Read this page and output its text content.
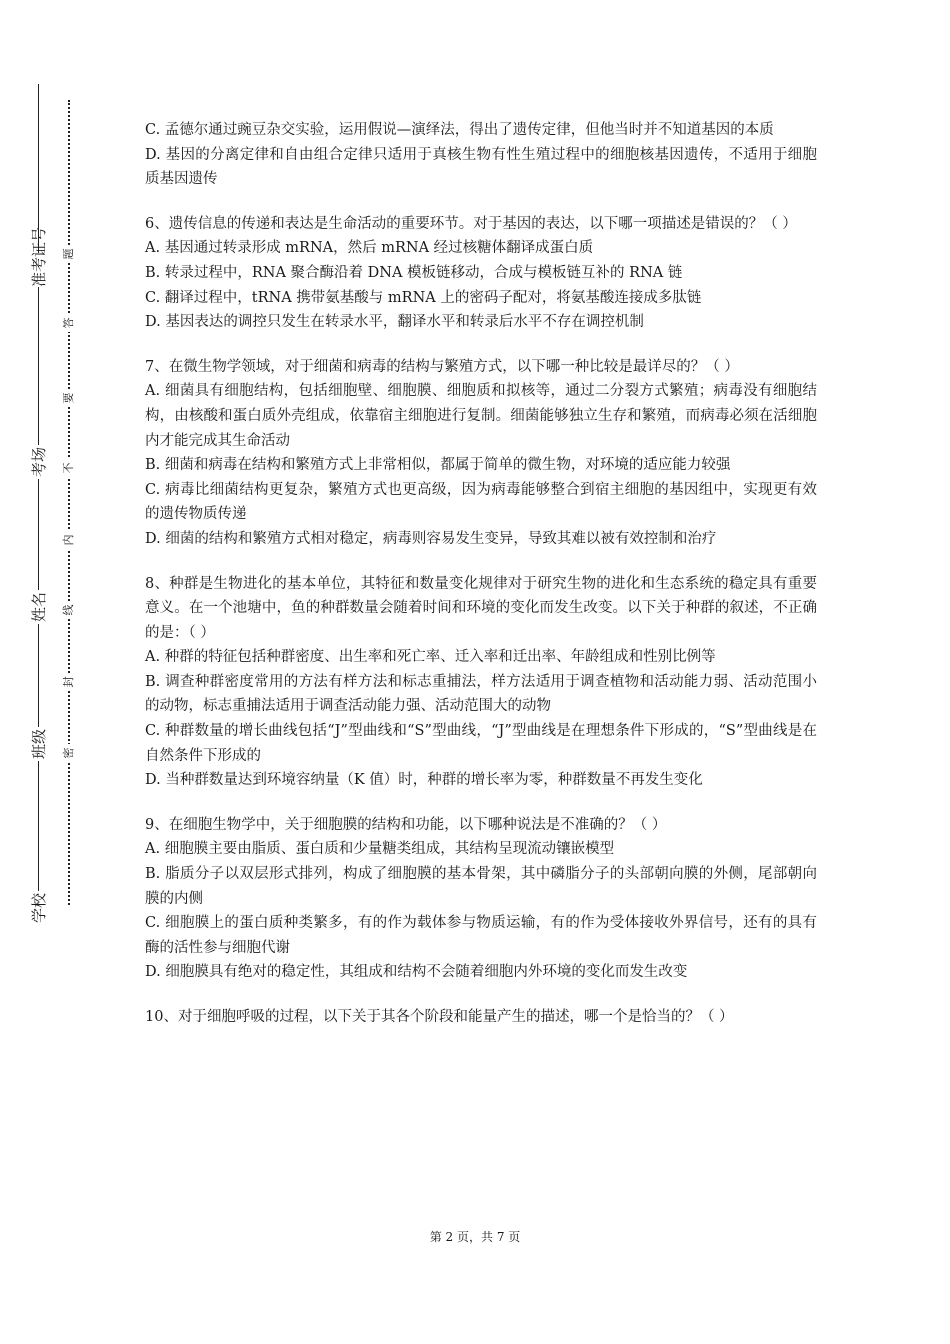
准考证号
考场
姓名
班级
学校
题
答
要
不
内
线
封
密

C. 孟德尔通过豌豆杂交实验，运用假说—演绎法，得出了遗传定律，但他当时并不知道基因的本质

D. 基因的分离定律和自由组合定律只适用于真核生物有性生殖过程中的细胞核基因遗传，不适用于细胞质基因遗传

6、遗传信息的传递和表达是生命活动的重要环节。对于基因的表达，以下哪一项描述是错误的？（ ）

A. 基因通过转录形成 mRNA，然后 mRNA 经过核糖体翻译成蛋白质

B. 转录过程中，RNA 聚合酶沿着 DNA 模板链移动，合成与模板链互补的 RNA 链

C. 翻译过程中，tRNA 携带氨基酸与 mRNA 上的密码子配对，将氨基酸连接成多肽链

D. 基因表达的调控只发生在转录水平，翻译水平和转录后水平不存在调控机制

7、在微生物学领域，对于细菌和病毒的结构与繁殖方式，以下哪一种比较是最详尽的？（ ）

A. 细菌具有细胞结构，包括细胞壁、细胞膜、细胞质和拟核等，通过二分裂方式繁殖；病毒没有细胞结构，由核酸和蛋白质外壳组成，依靠宿主细胞进行复制。细菌能够独立生存和繁殖，而病毒必须在活细胞内才能完成其生命活动

B. 细菌和病毒在结构和繁殖方式上非常相似，都属于简单的微生物，对环境的适应能力较强

C. 病毒比细菌结构更复杂，繁殖方式也更高级，因为病毒能够整合到宿主细胞的基因组中，实现更有效的遗传物质传递

D. 细菌的结构和繁殖方式相对稳定，病毒则容易发生变异，导致其难以被有效控制和治疗

8、种群是生物进化的基本单位，其特征和数量变化规律对于研究生物的进化和生态系统的稳定具有重要意义。在一个池塘中，鱼的种群数量会随着时间和环境的变化而发生改变。以下关于种群的叙述，不正确的是：（ ）

A. 种群的特征包括种群密度、出生率和死亡率、迁入率和迁出率、年龄组成和性别比例等

B. 调查种群密度常用的方法有样方法和标志重捕法，样方法适用于调查植物和活动能力弱、活动范围小的动物，标志重捕法适用于调查活动能力强、活动范围大的动物

C. 种群数量的增长曲线包括“J”型曲线和“S”型曲线，“J”型曲线是在理想条件下形成的，“S”型曲线是在自然条件下形成的

D. 当种群数量达到环境容纳量（K 值）时，种群的增长率为零，种群数量不再发生变化

9、在细胞生物学中，关于细胞膜的结构和功能，以下哪种说法是不准确的？（ ）

A. 细胞膜主要由脂质、蛋白质和少量糖类组成，其结构呈现流动镶嵌模型

B. 脂质分子以双层形式排列，构成了细胞膜的基本骨架，其中磷脂分子的头部朝向膜的外侧，尾部朝向膜的内侧

C. 细胞膜上的蛋白质种类繁多，有的作为载体参与物质运输，有的作为受体接收外界信号，还有的具有酶的活性参与细胞代谢

D. 细胞膜具有绝对的稳定性，其组成和结构不会随着细胞内外环境的变化而发生改变

10、对于细胞呼吸的过程，以下关于其各个阶段和能量产生的描述，哪一个是恰当的？（ ）

第 2 页，共 7 页
